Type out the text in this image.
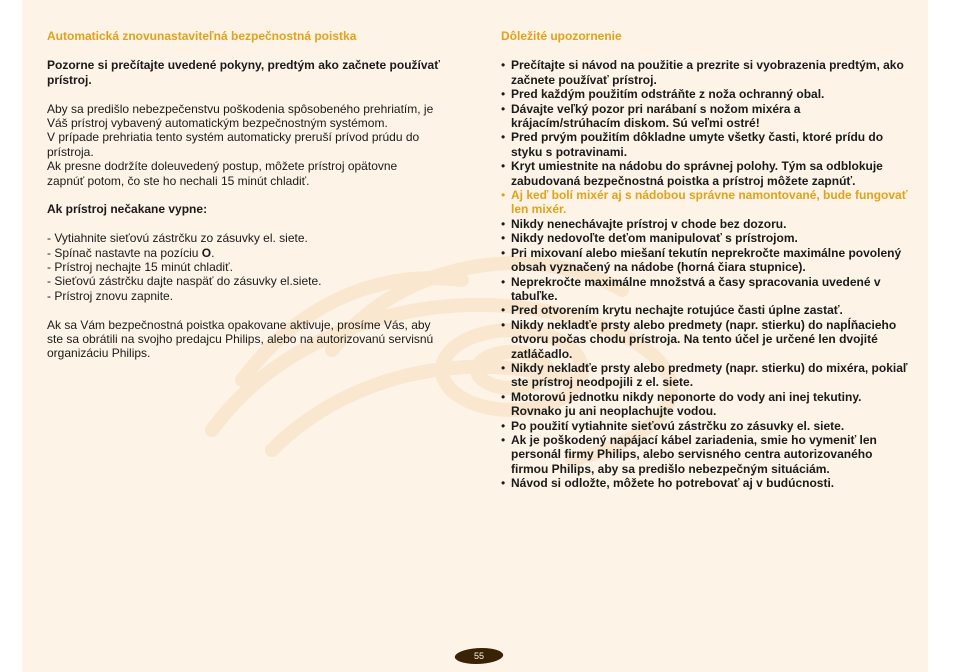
Automatická znovunastaviteľná bezpečnostná poistka

Pozorne si prečítajte uvedené pokyny, predtým ako začnete používať prístroj.

Aby sa predišlo nebezpečenstvu poškodenia spôsobeného prehriatím, je

Váš prístroj vybavený automatickým bezpečnostným systémom.

V prípade prehriatia tento systém automaticky preruší prívod prúdu do

prístroja.

Ak presne dodržíte doleuvedený postup, môžete prístroj opätovne

zapnúť potom, čo ste ho nechali 15 minút chladiť.

Ak prístroj nečakane vypne:

- Vytiahnite sieťovú zástrčku zo zásuvky el. siete.
- Spínač nastavte na pozíciu O.
- Prístroj nechajte 15 minút chladiť.
- Sieťovú zástrčku dajte naspäť do zásuvky el.siete.
- Prístroj znovu zapnite.

Ak sa Vám bezpečnostná poistka opakovane aktivuje, prosíme Vás, aby

ste sa obrátili na svojho predajcu Philips, alebo na autorizovanú servisnú

organizáciu Philips.

Dôležité upozornenie

• Prečítajte si návod na použitie a prezrite si vyobrazenia predtým, ako začnete používať prístroj.
• Pred každým použitím odstráňte z noža ochranný obal.
• Dávajte veľký pozor pri narábaní s nožom mixéra a krájacím/strúhacím diskom. Sú veľmi ostré!
• Pred prvým použitím dôkladne umyte všetky časti, ktoré prídu do styku s potravinami.
• Kryt umiestnite na nádobu do správnej polohy. Tým sa odblokuje zabudovaná bezpečnostná poistka a prístroj môžete zapnúť.
• Aj keď bolí mixér aj s nádobou správne namontované, bude fungovať len mixér.
• Nikdy nenechávajte prístroj v chode bez dozoru.
• Nikdy nedovoľte deťom manipulovať s prístrojom.
• Pri mixovaní alebo miešaní tekutín neprekročte maximálne povolený obsah vyznačený na nádobe (horná čiara stupnice).
• Neprekročte maximálne množstvá a časy spracovania uvedené v tabuľke.
• Pred otvorením krytu nechajte rotujúce časti úplne zastať.
• Nikdy nekladťe prsty alebo predmety (napr. stierku) do napĺňacieho otvoru počas chodu prístroja. Na tento účel je určené len dvojité zatláčadlo.
• Nikdy nekladťe prsty alebo predmety (napr. stierku) do mixéra, pokiaľ ste prístroj neodpojili z el. siete.
• Motorovú jednotku nikdy neponorte do vody ani inej tekutiny. Rovnako ju ani neoplachujte vodou.
• Po použití vytiahnite sieťovú zástrčku zo zásuvky el. siete.
• Ak je poškodený napájací kábel zariadenia, smie ho vymeniť len personál firmy Philips, alebo servisného centra autorizovaného firmou Philips, aby sa predišlo nebezpečným situáciám.
• Návod si odložte, môžete ho potrebovať aj v budúcnosti.
55
